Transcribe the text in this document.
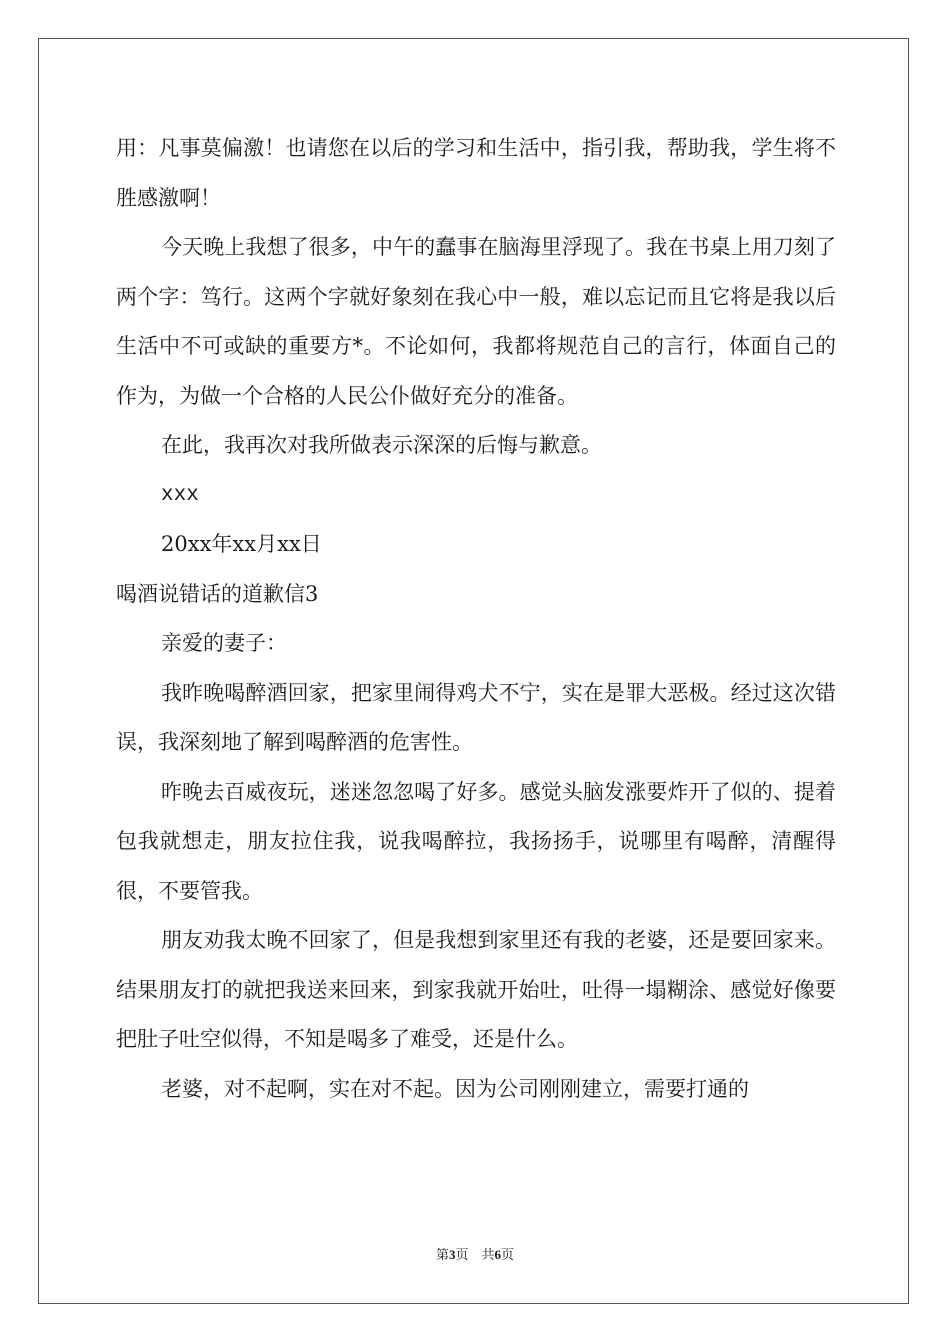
用：凡事莫偏激！也请您在以后的学习和生活中，指引我，帮助我，学生将不胜感激啊！

今天晚上我想了很多，中午的蠢事在脑海里浮现了。我在书桌上用刀刻了两个字：笃行。这两个字就好象刻在我心中一般，难以忘记而且它将是我以后生活中不可或缺的重要方*。不论如何，我都将规范自己的言行，体面自己的作为，为做一个合格的人民公仆做好充分的准备。

在此，我再次对我所做表示深深的后悔与歉意。

xxx

20xx年xx月xx日

喝酒说错话的道歉信3

亲爱的妻子：

我昨晚喝醉酒回家，把家里闹得鸡犬不宁，实在是罪大恶极。经过这次错误，我深刻地了解到喝醉酒的危害性。

昨晚去百威夜玩，迷迷忽忽喝了好多。感觉头脑发涨要炸开了似的、提着包我就想走，朋友拉住我，说我喝醉拉，我扬扬手，说哪里有喝醉，清醒得很，不要管我。

朋友劝我太晚不回家了，但是我想到家里还有我的老婆，还是要回家来。结果朋友打的就把我送来回来，到家我就开始吐，吐得一塌糊涂、感觉好像要把肚子吐空似得，不知是喝多了难受，还是什么。

老婆，对不起啊，实在对不起。因为公司刚刚建立，需要打通的

第3页　共6页
